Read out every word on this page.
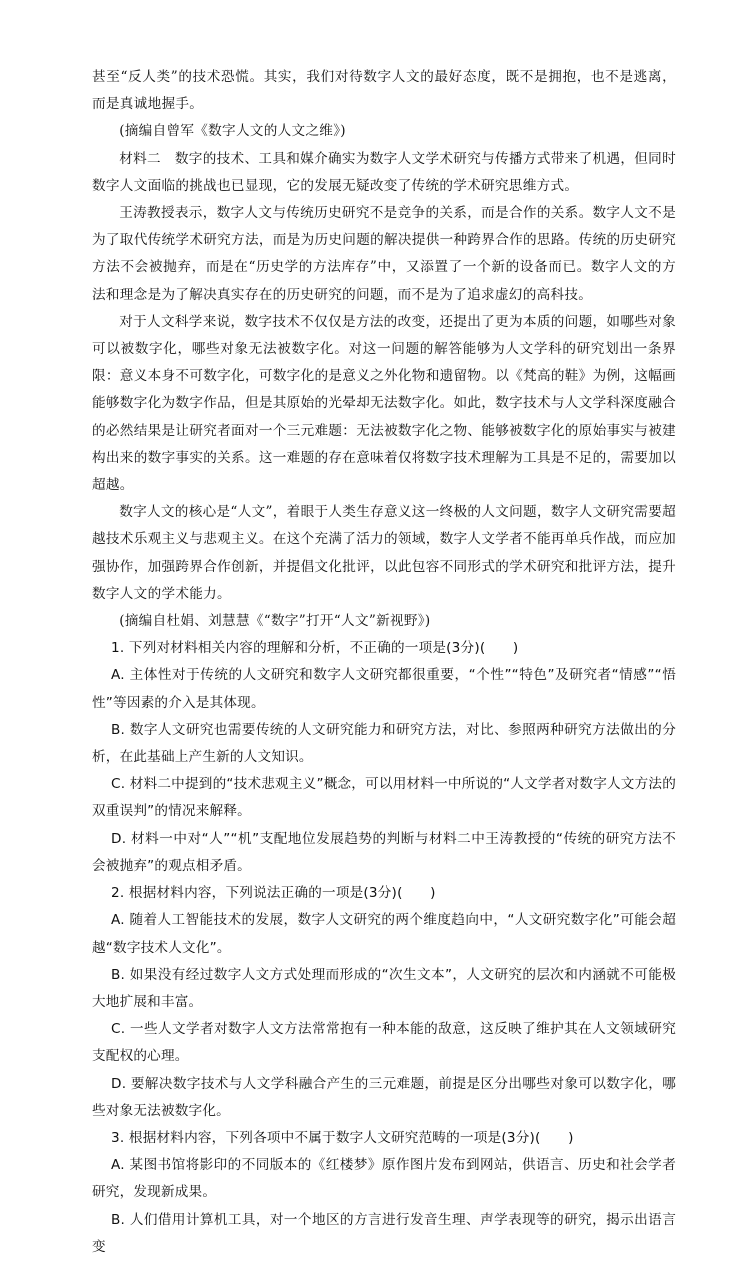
甚至“反人类”的技术恐慌。其实，我们对待数字人文的最好态度，既不是拥抱，也不是逃离，而是真诚地握手。

(摘编自曾军《数字人文的人文之维》)

材料二　数字的技术、工具和媒介确实为数字人文学术研究与传播方式带来了机遇，但同时数字人文面临的挑战也已显现，它的发展无疑改变了传统的学术研究思维方式。

王涛教授表示，数字人文与传统历史研究不是竞争的关系，而是合作的关系。数字人文不是为了取代传统学术研究方法，而是为历史问题的解决提供一种跨界合作的思路。传统的历史研究方法不会被抛弃，而是在“历史学的方法库存”中，又添置了一个新的设备而已。数字人文的方法和理念是为了解决真实存在的历史研究的问题，而不是为了追求虚幻的高科技。

对于人文科学来说，数字技术不仅仅是方法的改变，还提出了更为本质的问题，如哪些对象可以被数字化，哪些对象无法被数字化。对这一问题的解答能够为人文学科的研究划出一条界限：意义本身不可数字化，可数字化的是意义之外化物和遗留物。以《梵高的鞋》为例，这幅画能够数字化为数字作品，但是其原始的光晕却无法数字化。如此，数字技术与人文学科深度融合的必然结果是让研究者面对一个三元难题：无法被数字化之物、能够被数字化的原始事实与被建构出来的数字事实的关系。这一难题的存在意味着仅将数字技术理解为工具是不足的，需要加以超越。

数字人文的核心是“人文”，着眼于人类生存意义这一终极的人文问题，数字人文研究需要超越技术乐观主义与悲观主义。在这个充满了活力的领域，数字人文学者不能再单兵作战，而应加强协作，加强跨界合作创新，并提倡文化批评，以此包容不同形式的学术研究和批评方法，提升数字人文的学术能力。

(摘编自杜娟、刘慧慧《“数字”打开“人文”新视野》)

1. 下列对材料相关内容的理解和分析，不正确的一项是(3分)(　　)

A. 主体性对于传统的人文研究和数字人文研究都很重要，“个性”“特色”及研究者“情感”“悟性”等因素的介入是其体现。

B. 数字人文研究也需要传统的人文研究能力和研究方法，对比、参照两种研究方法做出的分析，在此基础上产生新的人文知识。

C. 材料二中提到的“技术悲观主义”概念，可以用材料一中所说的“人文学者对数字人文方法的双重误判”的情况来解释。

D. 材料一中对“人”“机”支配地位发展趋势的判断与材料二中王涛教授的“传统的研究方法不会被抛弃”的观点相矛盾。

2. 根据材料内容，下列说法正确的一项是(3分)(　　)

A. 随着人工智能技术的发展，数字人文研究的两个维度趋向中，“人文研究数字化”可能会超越“数字技术人文化”。

B. 如果没有经过数字人文方式处理而形成的“次生文本”，人文研究的层次和内涵就不可能极大地扩展和丰富。

C. 一些人文学者对数字人文方法常常抱有一种本能的敌意，这反映了维护其在人文领域研究支配权的心理。

D. 要解决数字技术与人文学科融合产生的三元难题，前提是区分出哪些对象可以数字化，哪些对象无法被数字化。

3. 根据材料内容，下列各项中不属于数字人文研究范畴的一项是(3分)(　　)

A. 某图书馆将影印的不同版本的《红楼梦》原作图片发布到网站，供语言、历史和社会学者研究，发现新成果。

B. 人们借用计算机工具，对一个地区的方言进行发音生理、声学表现等的研究，揭示出语言变
